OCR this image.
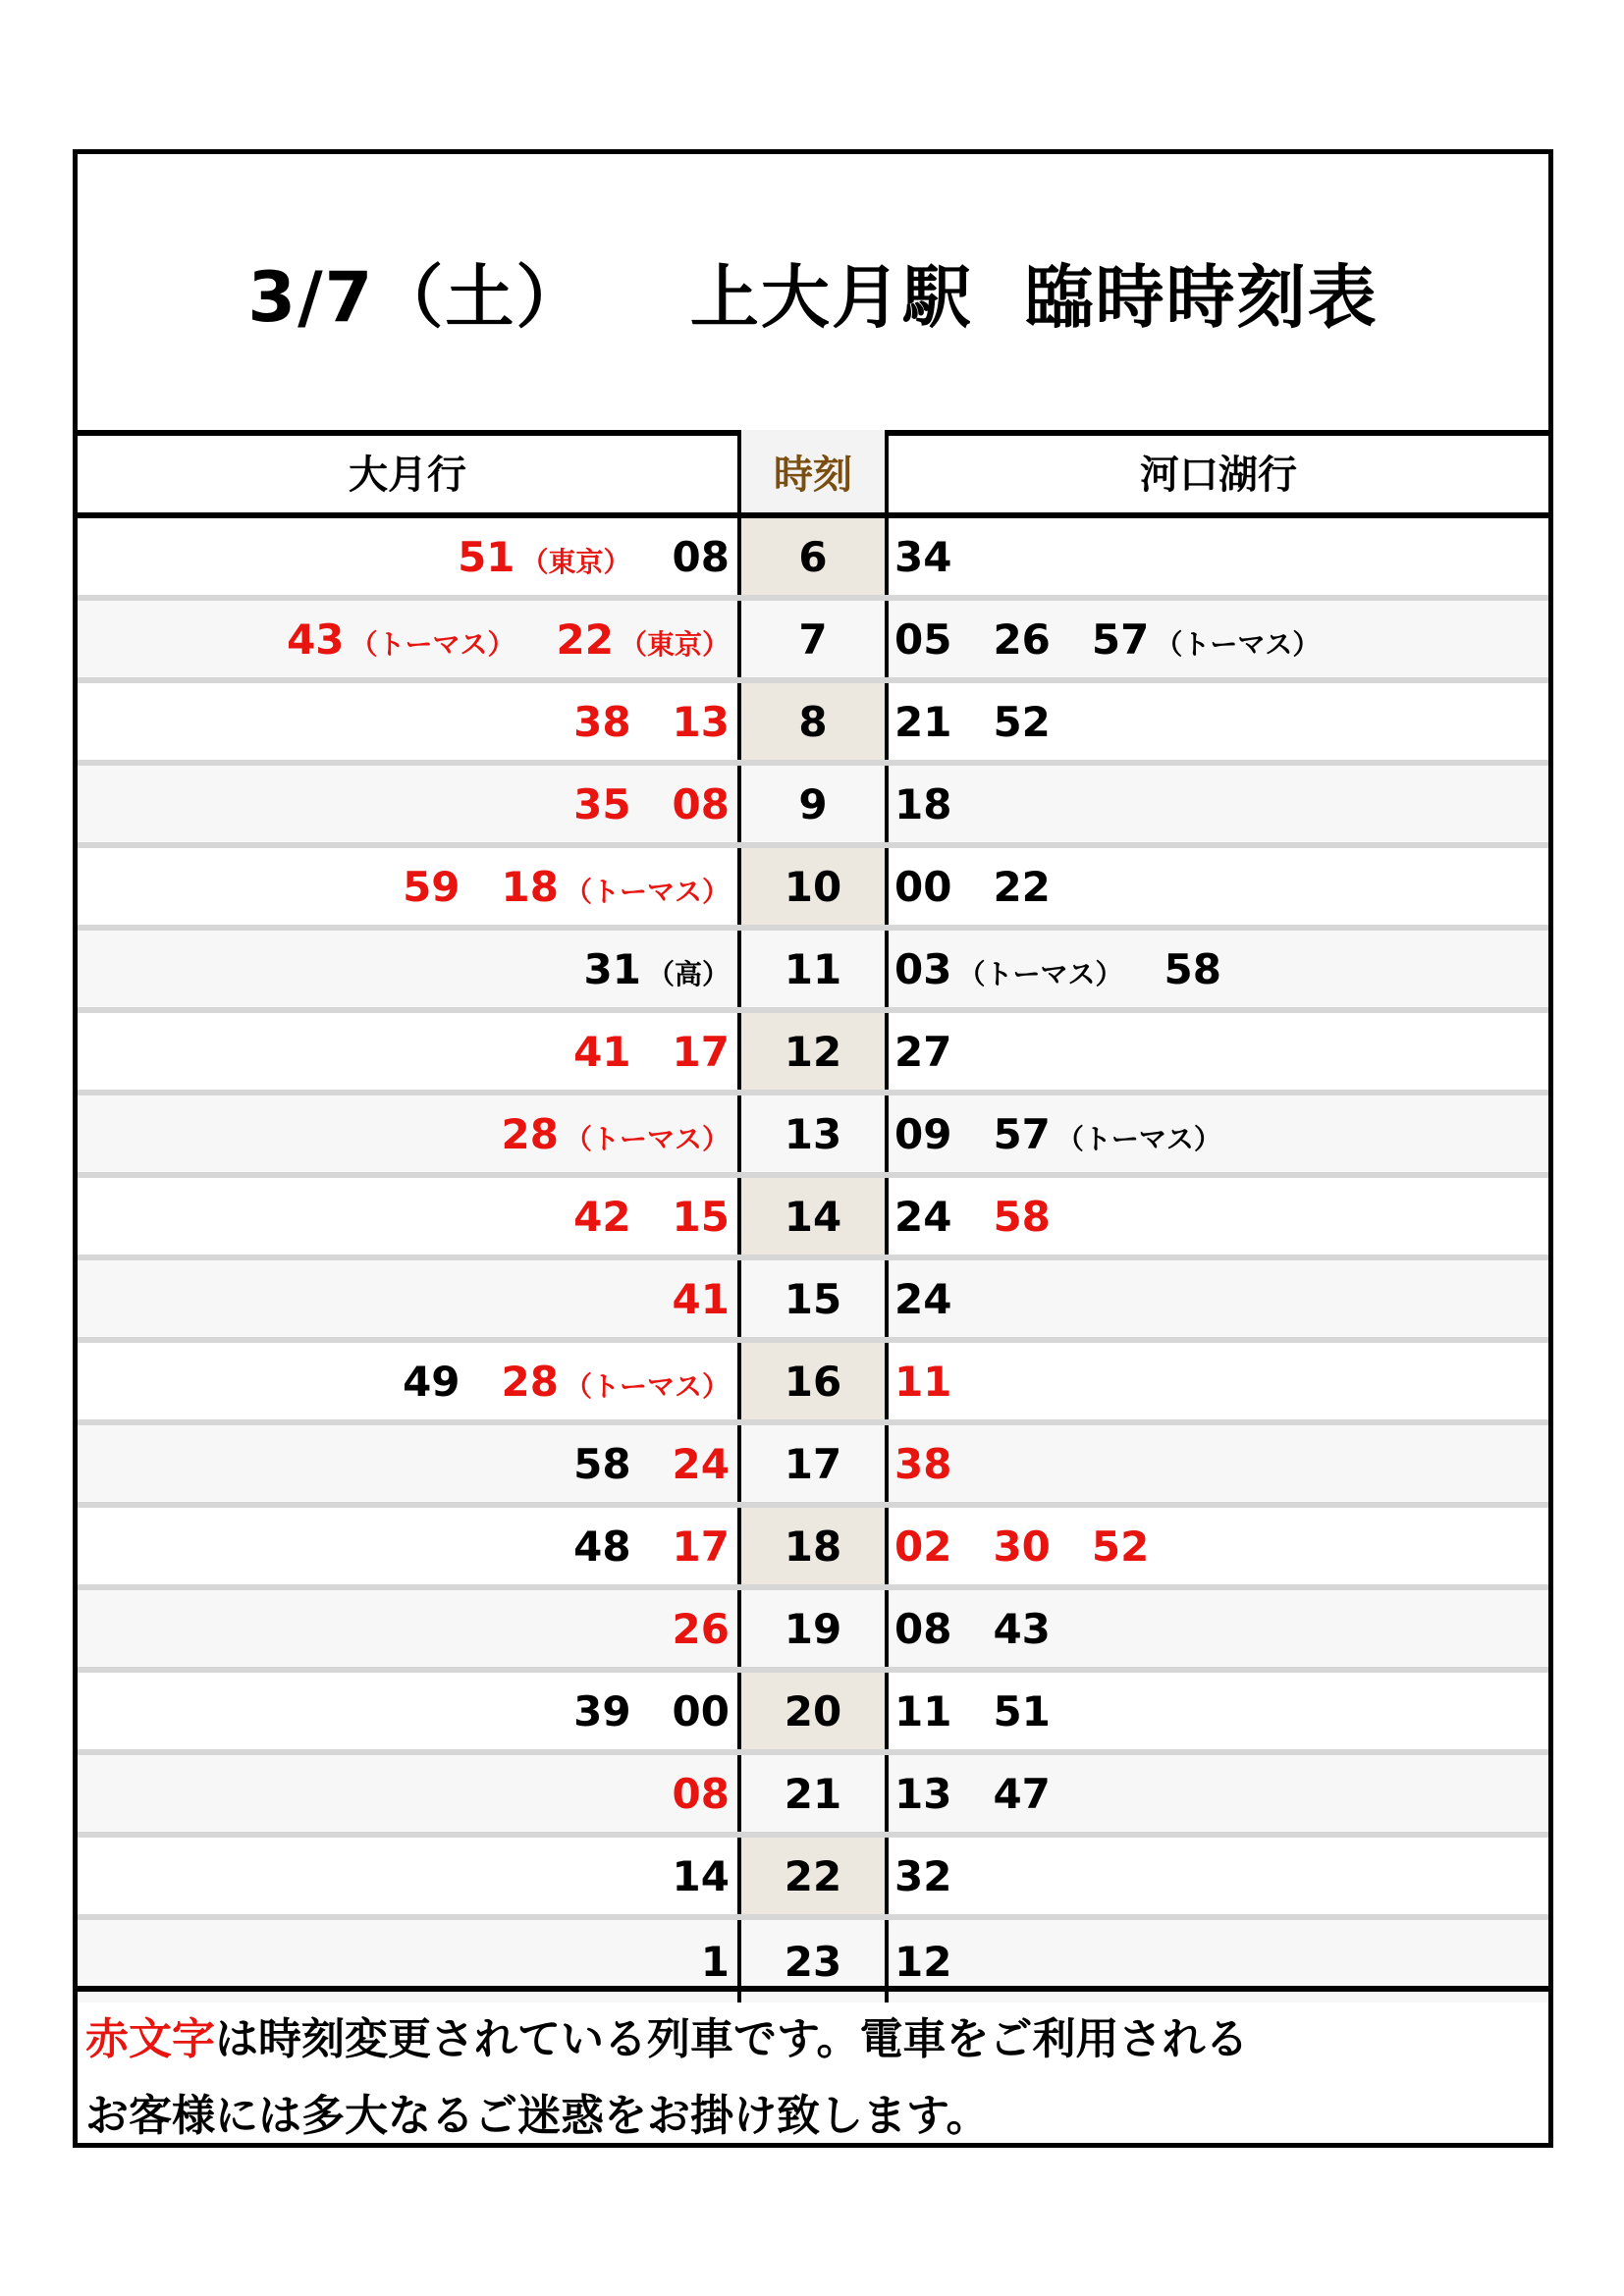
3/7（土）
上大月駅
臨時時刻表
大月行	時刻	河口湖行
51 （東京） 08	6	34
43 （トーマス） 22 （東京）	7	05 26 57 （トーマス）
38 13	8	21 52
35 08	9	18
59 18 （トーマス）	10	00 22
31 （高）	11	03 （トーマス） 58
41 17	12	27
28 （トーマス）	13	09 57 （トーマス）
42 15	14	24 58
41	15	24
49 28 （トーマス）	16	11
58 24	17	38
48 17	18	02 30 52
26	19	08 43
39 00	20	11 51
08	21	13 47
14	22	32
1	23	12
赤文字は時刻変更されている列車です。電車をご利用される
お客様には多大なるご迷惑をお掛け致します。
